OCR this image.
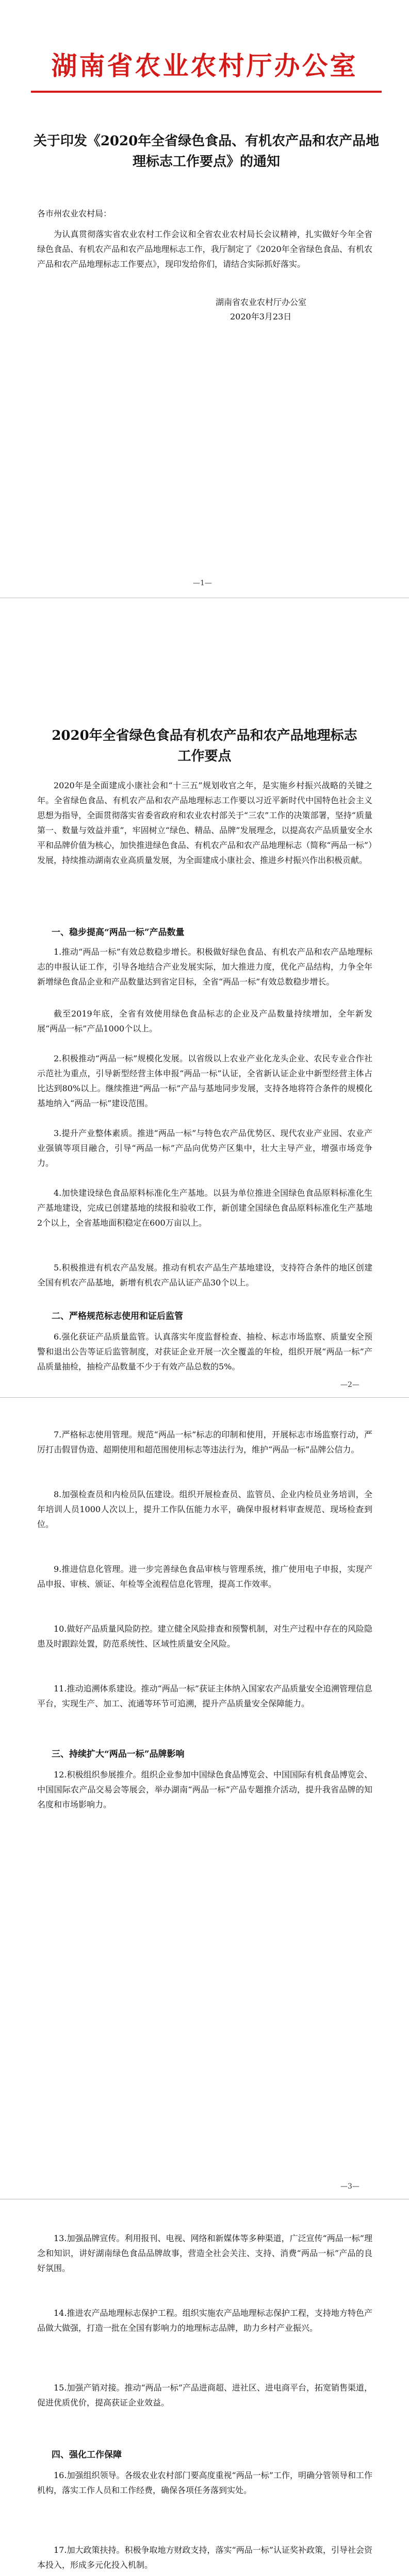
湖南省农业农村厅办公室
关于印发《2020年全省绿色食品、有机农产品和农产品地理标志工作要点》的通知
各市州农业农村局：
为认真贯彻落实省农业农村工作会议和全省农业农村局长会议精神，扎实做好今年全省绿色食品、有机农产品和农产品地理标志工作，我厅制定了《2020年全省绿色食品、有机农产品和农产品地理标志工作要点》，现印发给你们，请结合实际抓好落实。
湖南省农业农村厅办公室
2020年3月23日
—1—
2020年全省绿色食品有机农产品和农产品地理标志工作要点
2020年是全面建成小康社会和“十三五”规划收官之年，是实施乡村振兴战略的关键之年。全省绿色食品、有机农产品和农产品地理标志工作要以习近平新时代中国特色社会主义思想为指导，全面贯彻落实省委省政府和农业农村部关于“三农”工作的决策部署，坚持“质量第一、数量与效益并重”，牢固树立“绿色、精品、品牌”发展理念，以提高农产品质量安全水平和品牌价值为核心，加快推进绿色食品、有机农产品和农产品地理标志（简称“两品一标”）发展，持续推动湖南农业高质量发展，为全面建成小康社会、推进乡村振兴作出积极贡献。
一、稳步提高“两品一标”产品数量
1.推动“两品一标”有效总数稳步增长。积极做好绿色食品、有机农产品和农产品地理标志的申报认证工作，引导各地结合产业发展实际，加大推进力度，优化产品结构，力争全年新增绿色食品企业和产品数量达到省定目标，全省“两品一标”有效总数稳步增长。
截至2019年底，全省有效使用绿色食品标志的企业及产品数量持续增加，全年新发展“两品一标”产品1000个以上。
2.积极推动“两品一标”规模化发展。以省级以上农业产业化龙头企业、农民专业合作社示范社为重点，引导新型经营主体申报“两品一标”认证，全省新认证企业中新型经营主体占比达到80%以上。继续推进“两品一标”产品与基地同步发展，支持各地将符合条件的规模化基地纳入“两品一标”建设范围。
3.提升产业整体素质。推进“两品一标”与特色农产品优势区、现代农业产业园、农业产业强镇等项目融合，引导“两品一标”产品向优势产区集中，壮大主导产业，增强市场竞争力。
4.加快建设绿色食品原料标准化生产基地。以县为单位推进全国绿色食品原料标准化生产基地建设，完成已创建基地的续报和验收工作，新创建全国绿色食品原料标准化生产基地2个以上，全省基地面积稳定在600万亩以上。
5.积极推进有机农产品发展。推动有机农产品生产基地建设，支持符合条件的地区创建全国有机农产品基地，新增有机农产品认证产品30个以上。
二、严格规范标志使用和证后监管
6.强化获证产品质量监管。认真落实年度监督检查、抽检、标志市场监察、质量安全预警和退出公告等证后监管制度，对获证企业开展一次全覆盖的年检，组织开展“两品一标”产品质量抽检，抽检产品数量不少于有效产品总数的5%。
—2—
7.严格标志使用管理。规范“两品一标”标志的印制和使用，开展标志市场监察行动，严厉打击假冒伪造、超期使用和超范围使用标志等违法行为，维护“两品一标”品牌公信力。
8.加强检查员和内检员队伍建设。组织开展检查员、监管员、企业内检员业务培训，全年培训人员1000人次以上，提升工作队伍能力水平，确保申报材料审查规范、现场检查到位。
9.推进信息化管理。进一步完善绿色食品审核与管理系统，推广使用电子申报，实现产品申报、审核、颁证、年检等全流程信息化管理，提高工作效率。
10.做好产品质量风险防控。建立健全风险排查和预警机制，对生产过程中存在的风险隐患及时跟踪处置，防范系统性、区域性质量安全风险。
11.推动追溯体系建设。推动“两品一标”获证主体纳入国家农产品质量安全追溯管理信息平台，实现生产、加工、流通等环节可追溯，提升产品质量安全保障能力。
三、持续扩大“两品一标”品牌影响
12.积极组织参展推介。组织企业参加中国绿色食品博览会、中国国际有机食品博览会、中国国际农产品交易会等展会，举办湖南“两品一标”产品专题推介活动，提升我省品牌的知名度和市场影响力。
—3—
13.加强品牌宣传。利用报刊、电视、网络和新媒体等多种渠道，广泛宣传“两品一标”理念和知识，讲好湖南绿色食品品牌故事，营造全社会关注、支持、消费“两品一标”产品的良好氛围。
14.推进农产品地理标志保护工程。组织实施农产品地理标志保护工程，支持地方特色产品做大做强，打造一批在全国有影响力的地理标志品牌，助力乡村产业振兴。
15.加强产销对接。推动“两品一标”产品进商超、进社区、进电商平台，拓宽销售渠道，促进优质优价，提高获证企业效益。
四、强化工作保障
16.加强组织领导。各级农业农村部门要高度重视“两品一标”工作，明确分管领导和工作机构，落实工作人员和工作经费，确保各项任务落到实处。
17.加大政策扶持。积极争取地方财政支持，落实“两品一标”认证奖补政策，引导社会资本投入，形成多元化投入机制。
